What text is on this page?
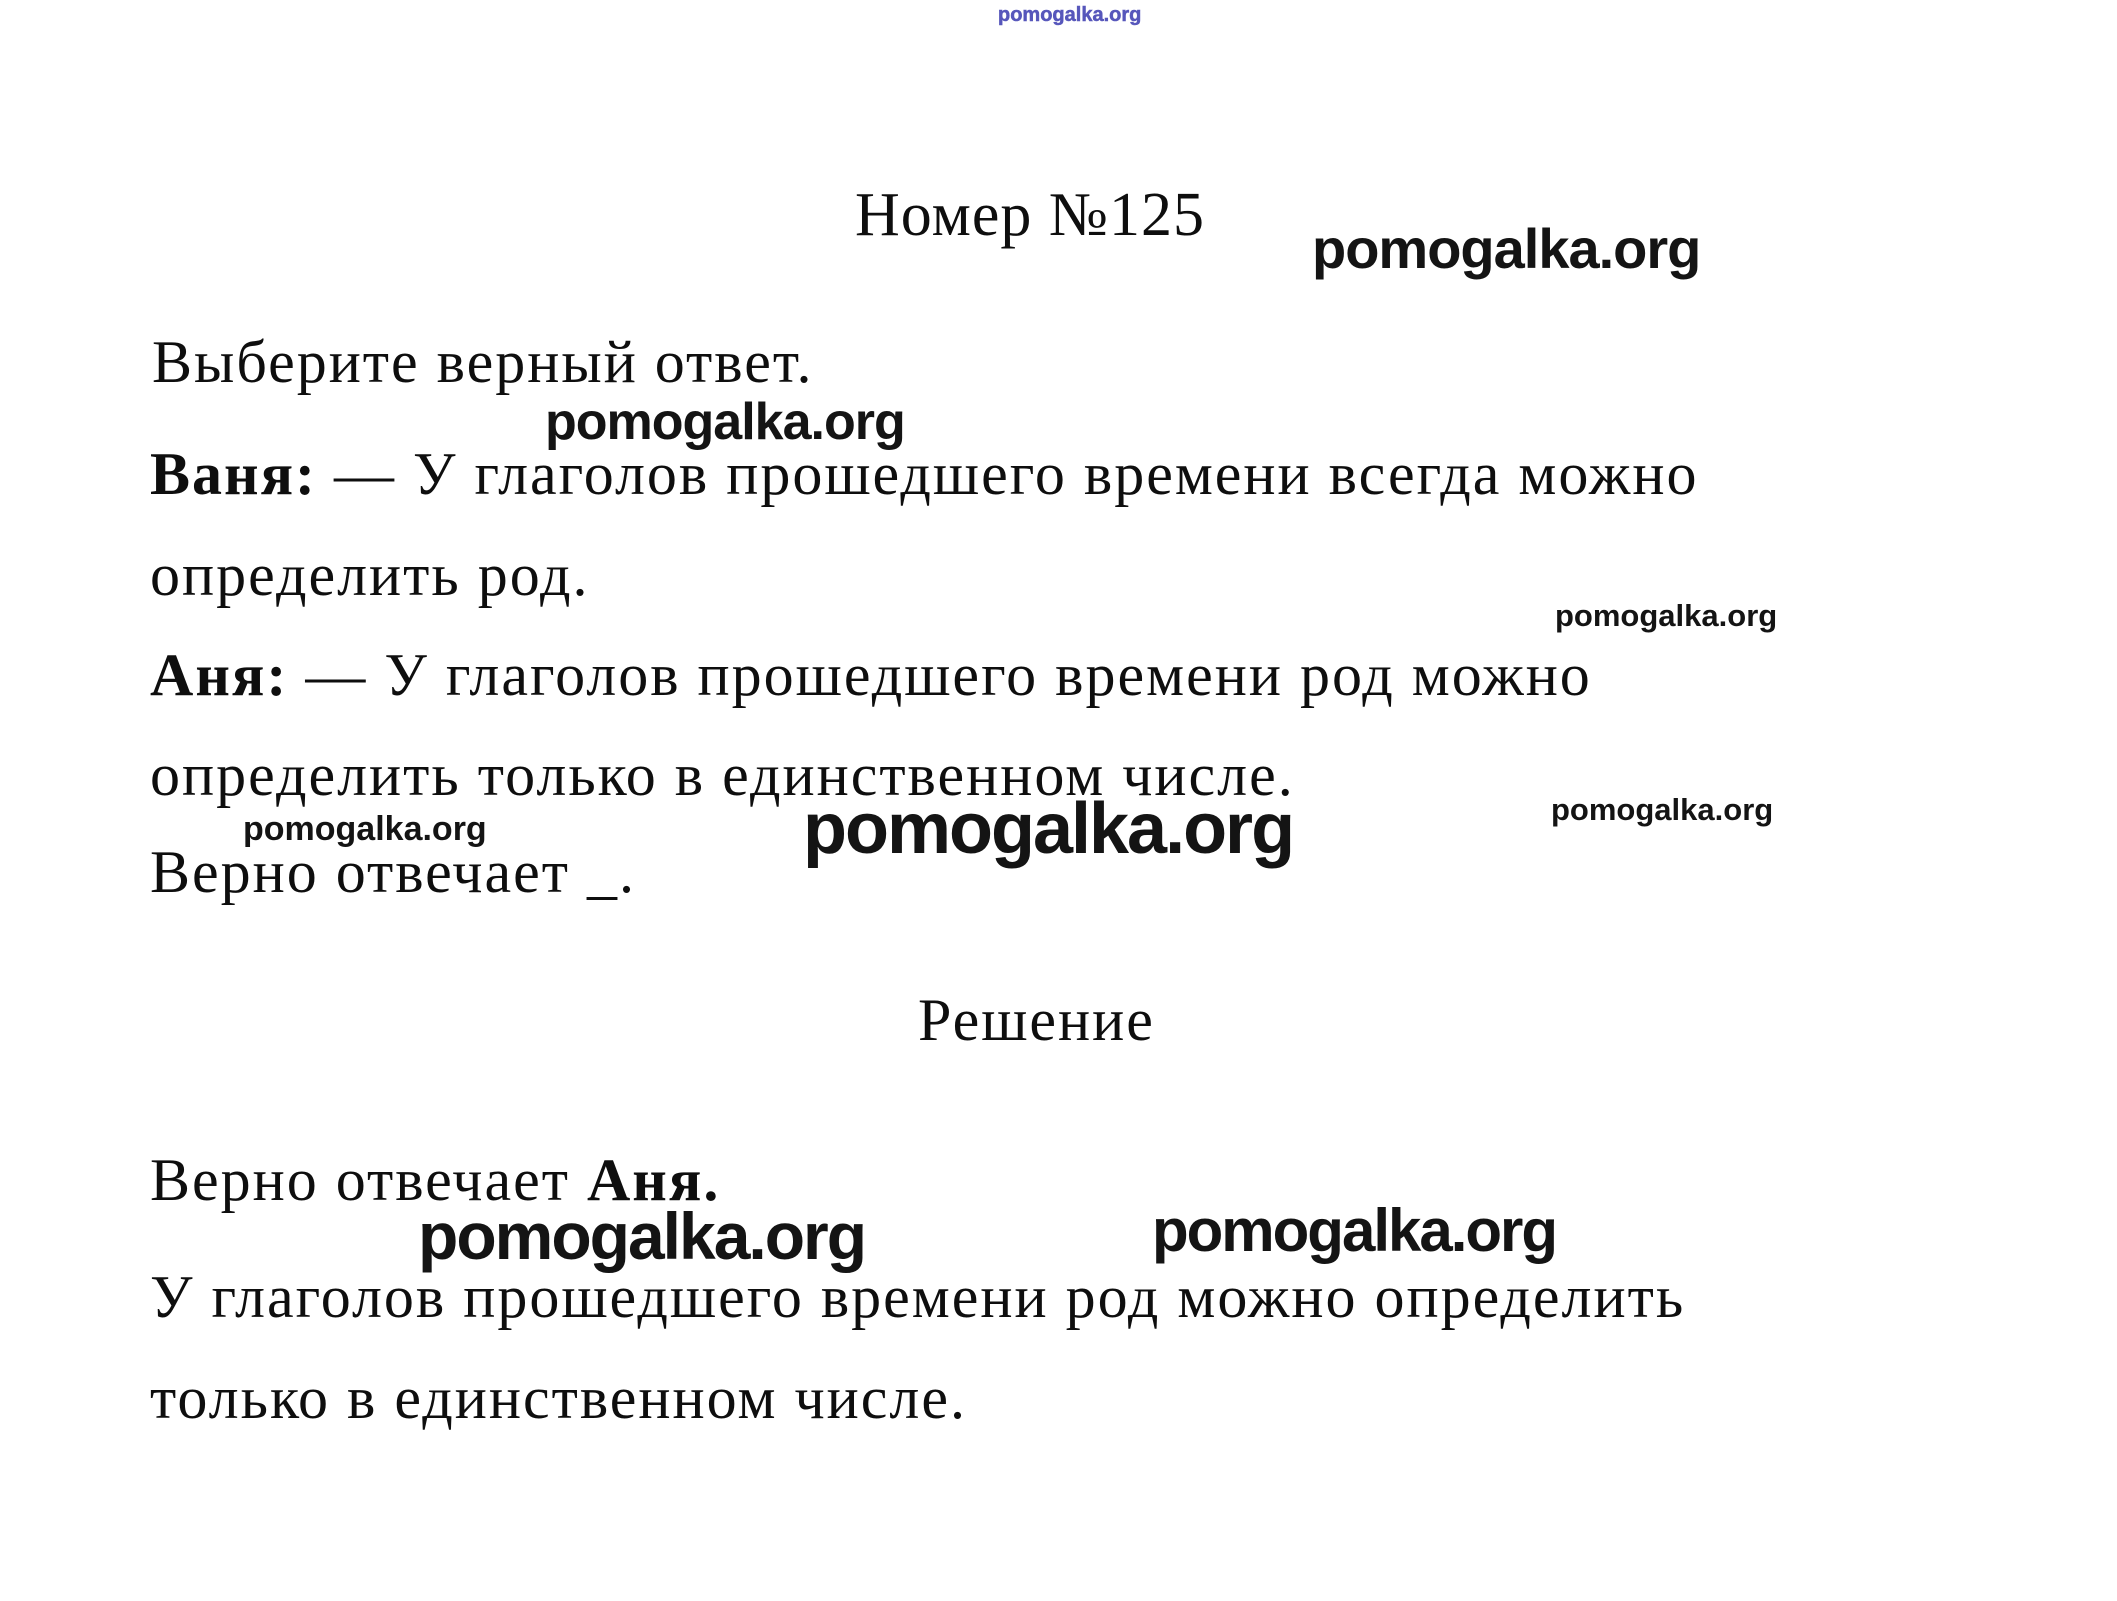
pomogalka.org
Номер №125 pomogalka.org
Выберите верный ответ.
pomogalka.org
Ваня: — У глаголов прошедшего времени всегда можно
определить род.
pomogalka.org
Аня: — У глаголов прошедшего времени род можно
определить только в единственном числе.
pomogalka.org	pomogalka.org	pomogalka.org
Верно отвечает _.
Решение
Верно отвечает Аня.
pomogalka.org	pomogalka.org
У глаголов прошедшего времени род можно определить
только в единственном числе.
